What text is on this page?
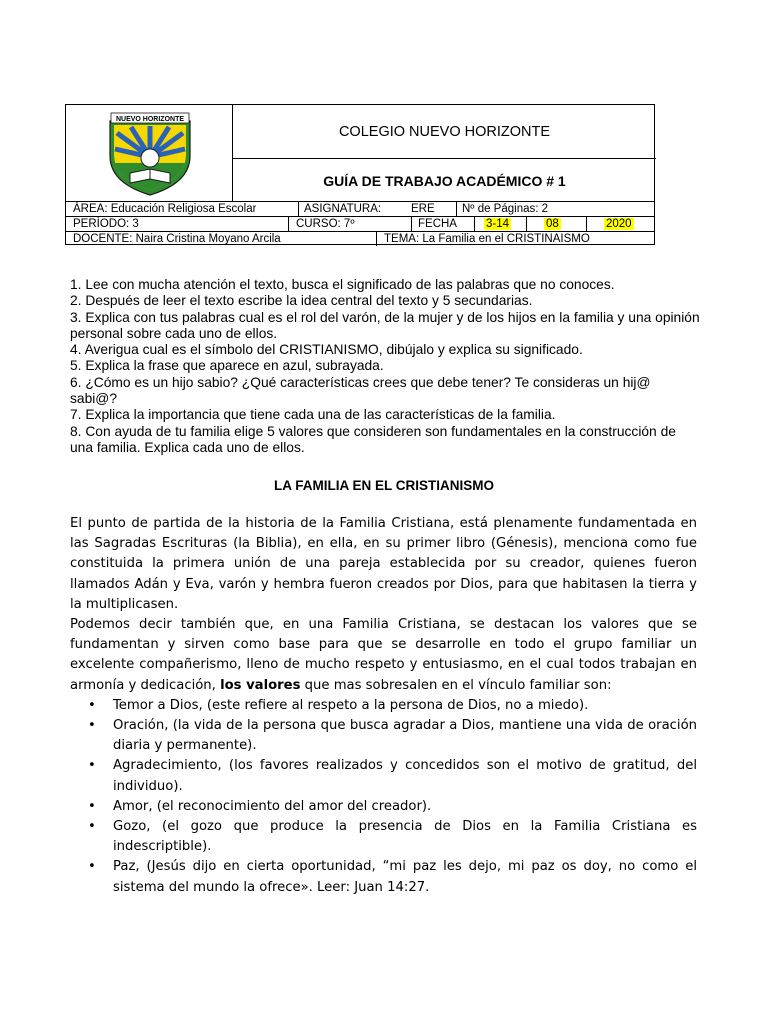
NUEVO HORIZONTE
COLEGIO NUEVO HORIZONTE
GUÍA DE TRABAJO ACADÉMICO # 1
ÁREA: Educación Religiosa Escolar	ASIGNATURA:	ERE Nº de Páginas: 2
PERÍODO: 3	CURSO: 7º	FECHA	3-14	08	2020
DOCENTE: Naira Cristina Moyano Arcila	TEMA: La Familia en el CRISTINAISMO
1. Lee con mucha atención el texto, busca el significado de las palabras que no conoces.
2. Después de leer el texto escribe la idea central del texto y 5 secundarias.
3. Explica con tus palabras cual es el rol del varón, de la mujer y de los hijos en la familia y una opinión personal sobre cada uno de ellos.
4. Averigua cual es el símbolo del CRISTIANISMO, dibújalo y explica su significado.
5. Explica la frase que aparece en azul, subrayada.
6. ¿Cómo es un hijo sabio? ¿Qué características crees que debe tener? Te consideras un hij@ sabi@?
7. Explica la importancia que tiene cada una de las características de la familia.
8. Con ayuda de tu familia elige 5 valores que consideren son fundamentales en la construcción de una familia. Explica cada uno de ellos.
LA FAMILIA EN EL CRISTIANISMO

El punto de partida de la historia de la Familia Cristiana, está plenamente fundamentada en las Sagradas Escrituras (la Biblia), en ella, en su primer libro (Génesis), menciona como fue constituida la primera unión de una pareja establecida por su creador, quienes fueron llamados Adán y Eva, varón y hembra fueron creados por Dios, para que habitasen la tierra y la multiplicasen.

Podemos decir también que, en una Familia Cristiana, se destacan los valores que se fundamentan y sirven como base para que se desarrolle en todo el grupo familiar un excelente compañerismo, lleno de mucho respeto y entusiasmo, en el cual todos trabajan en armonía y dedicación, los valores que mas sobresalen en el vínculo familiar son:

• Temor a Dios, (este refiere al respeto a la persona de Dios, no a miedo).
• Oración, (la vida de la persona que busca agradar a Dios, mantiene una vida de oración diaria y permanente).
• Agradecimiento, (los favores realizados y concedidos son el motivo de gratitud, del individuo).
• Amor, (el reconocimiento del amor del creador).
• Gozo, (el gozo que produce la presencia de Dios en la Familia Cristiana es indescriptible).
• Paz, (Jesús dijo en cierta oportunidad, “mi paz les dejo, mi paz os doy, no como el sistema del mundo la ofrece». Leer: Juan 14:27.
